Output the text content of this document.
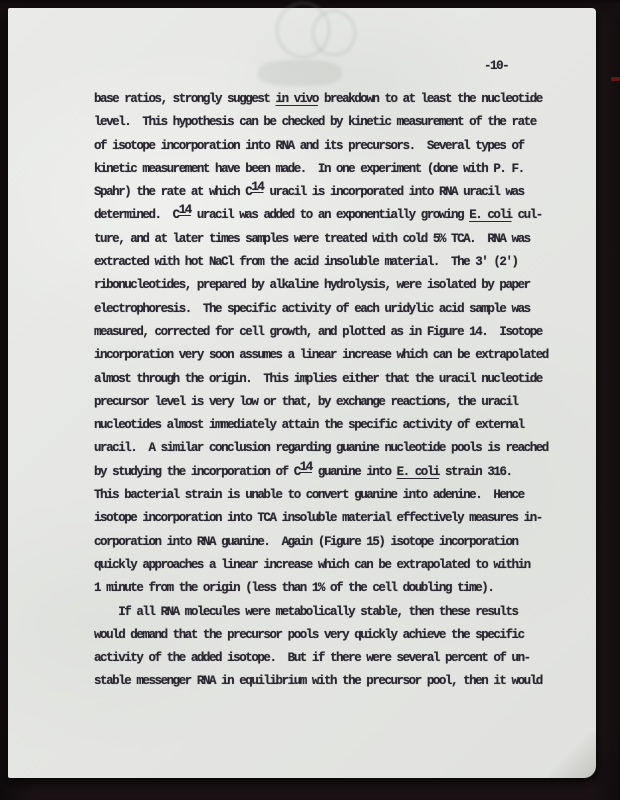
-10-
base ratios, strongly suggest in vivo breakdown to at least the nucleotide
level.  This hypothesis can be checked by kinetic measurement of the rate
of isotope incorporation into RNA and its precursors.  Several types of
kinetic measurement have been made.  In one experiment (done with P. F.
Spahr) the rate at which $C^{14}$ uracil is incorporated into RNA uracil was
determined.  $C^{14}$ uracil was added to an exponentially growing E. coli cul-
ture, and at later times samples were treated with cold 5% TCA.  RNA was
extracted with hot NaCl from the acid insoluble material.  The 3' (2')
ribonucleotides, prepared by alkaline hydrolysis, were isolated by paper
electrophoresis.  The specific activity of each uridylic acid sample was
measured, corrected for cell growth, and plotted as in Figure 14.  Isotope
incorporation very soon assumes a linear increase which can be extrapolated
almost through the origin.  This implies either that the uracil nucleotide
precursor level is very low or that, by exchange reactions, the uracil
nucleotides almost immediately attain the specific activity of external
uracil.  A similar conclusion regarding guanine nucleotide pools is reached
by studying the incorporation of $C^{14}$ guanine into E. coli strain 316.
This bacterial strain is unable to convert guanine into adenine.  Hence
isotope incorporation into TCA insoluble material effectively measures in-
corporation into RNA guanine.  Again (Figure 15) isotope incorporation
quickly approaches a linear increase which can be extrapolated to within
1 minute from the origin (less than 1% of the cell doubling time).
If all RNA molecules were metabolically stable, then these results
would demand that the precursor pools very quickly achieve the specific
activity of the added isotope.  But if there were several percent of un-
stable messenger RNA in equilibrium with the precursor pool, then it would
